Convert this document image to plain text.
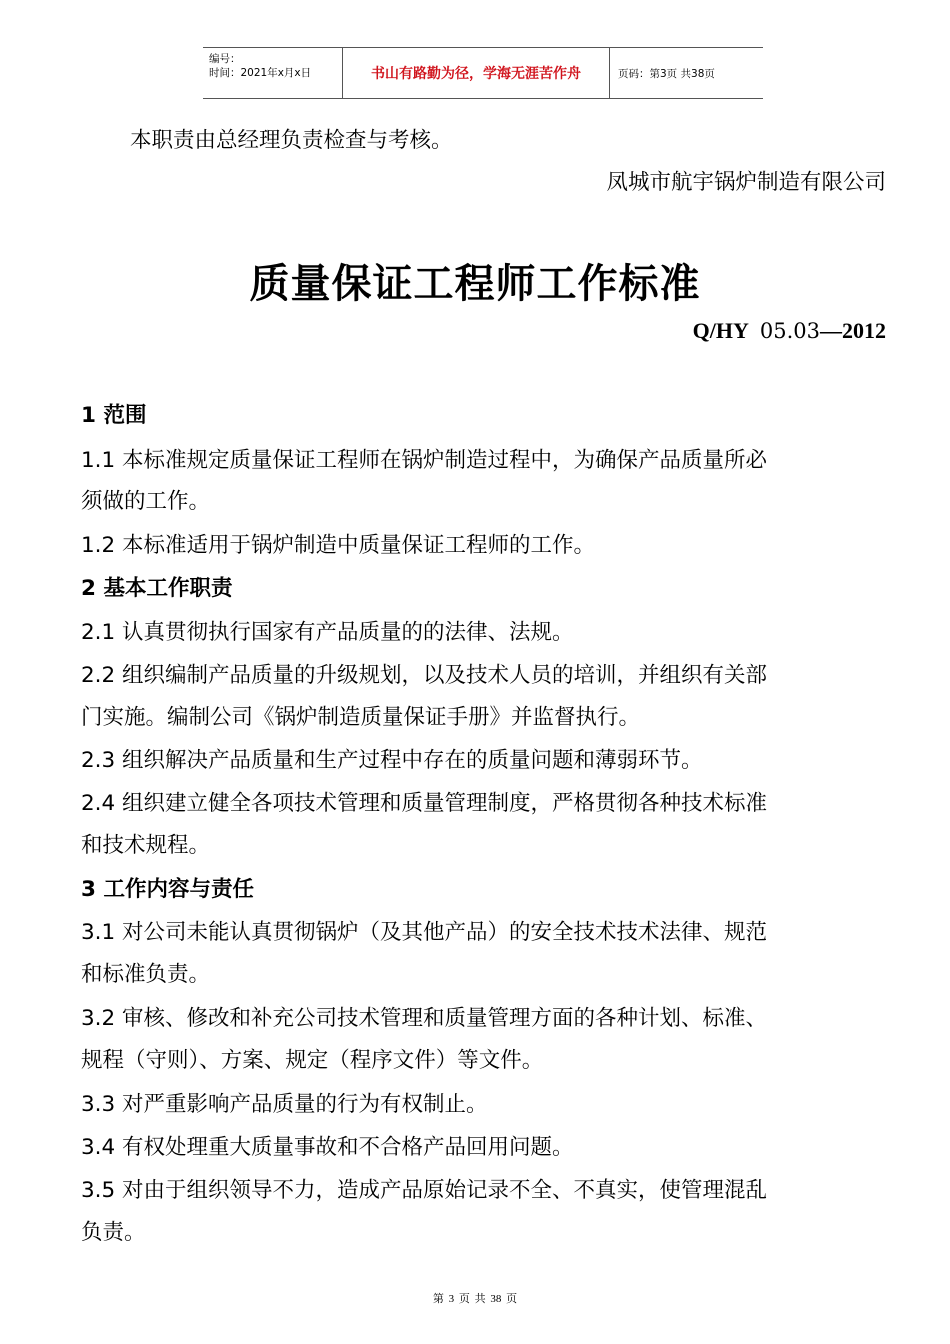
编号：
时间：2021年x月x日	书山有路勤为径，学海无涯苦作舟	页码：第3页 共38页
本职责由总经理负责检查与考核。
凤城市航宇锅炉制造有限公司
质量保证工程师工作标准
Q/HY 05.03—2012
1 范围
1.1 本标准规定质量保证工程师在锅炉制造过程中，为确保产品质量所必
须做的工作。
1.2 本标准适用于锅炉制造中质量保证工程师的工作。
2 基本工作职责
2.1 认真贯彻执行国家有产品质量的的法律、法规。
2.2 组织编制产品质量的升级规划，以及技术人员的培训，并组织有关部
门实施。编制公司《锅炉制造质量保证手册》并监督执行。
2.3 组织解决产品质量和生产过程中存在的质量问题和薄弱环节。
2.4 组织建立健全各项技术管理和质量管理制度，严格贯彻各种技术标准
和技术规程。
3 工作内容与责任
3.1 对公司未能认真贯彻锅炉（及其他产品）的安全技术技术法律、规范
和标准负责。
3.2 审核、修改和补充公司技术管理和质量管理方面的各种计划、标准、
规程（守则）、方案、规定（程序文件）等文件。
3.3 对严重影响产品质量的行为有权制止。
3.4 有权处理重大质量事故和不合格产品回用问题。
3.5 对由于组织领导不力，造成产品原始记录不全、不真实，使管理混乱
负责。
第 3 页 共 38 页
